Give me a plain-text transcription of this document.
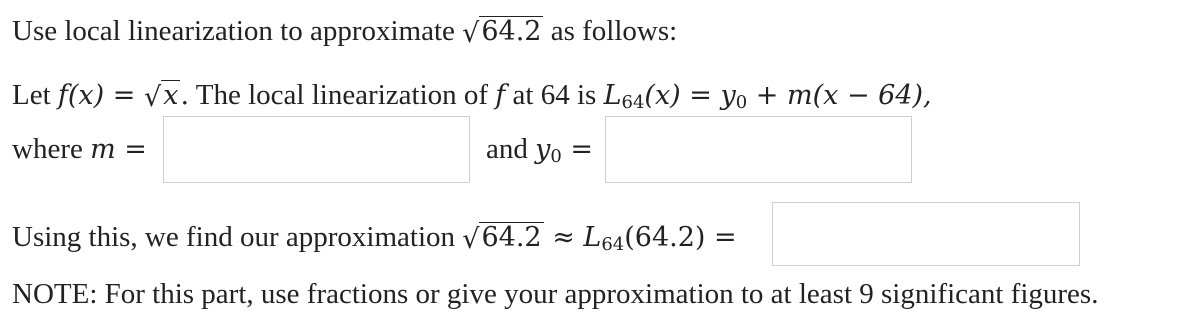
Use local linearization to approximate √64.2 as follows:
Let f(x) = √x. The local linearization of f at 64 is $L_{64}(x) = y_0 + m(x - 64)$,
where m =	and $y_0$ =
Using this, we find our approximation $√64.2 \approx L_{64}(64.2)$ =
NOTE: For this part, use fractions or give your approximation to at least 9 significant figures.
